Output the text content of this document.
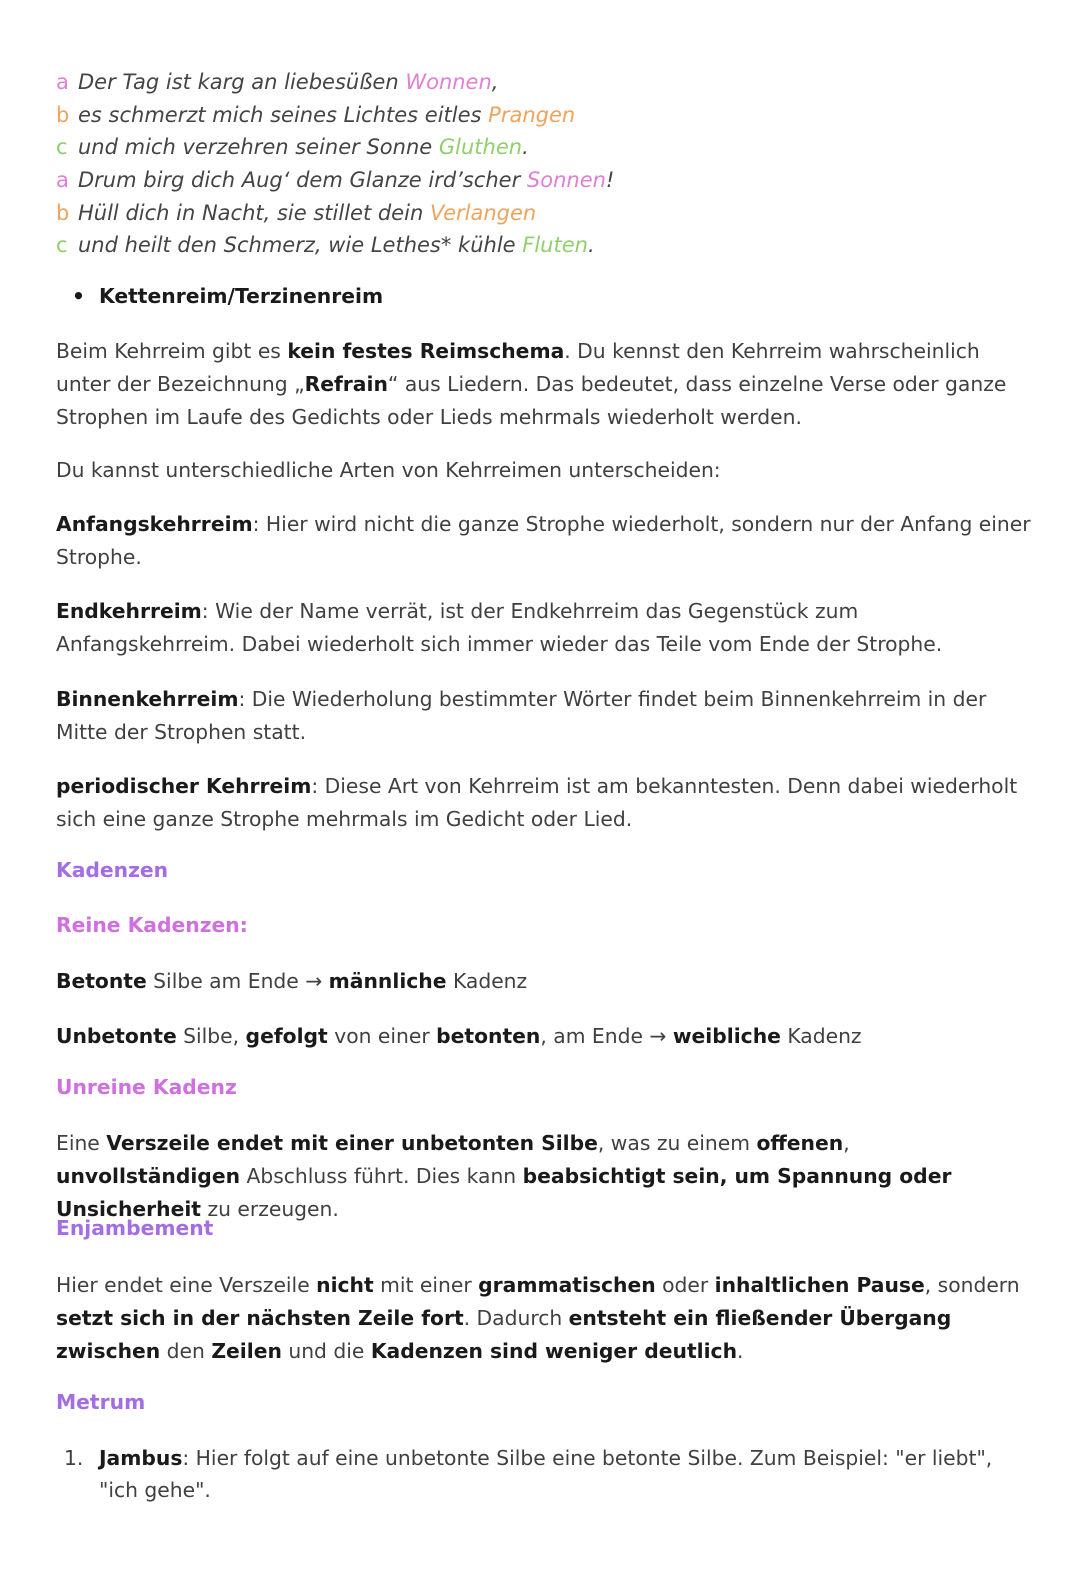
a Der Tag ist karg an liebesüßen Wonnen,
b es schmerzt mich seines Lichtes eitles Prangen
c und mich verzehren seiner Sonne Gluthen.
a Drum birg dich Aug‘ dem Glanze ird’scher Sonnen!
b Hüll dich in Nacht, sie stillet dein Verlangen
c und heilt den Schmerz, wie Lethes* kühle Fluten.
• Kettenreim/Terzinenreim
Beim Kehrreim gibt es kein festes Reimschema. Du kennst den Kehrreim wahrscheinlich unter der Bezeichnung „Refrain“ aus Liedern. Das bedeutet, dass einzelne Verse oder ganze Strophen im Laufe des Gedichts oder Lieds mehrmals wiederholt werden.
Du kannst unterschiedliche Arten von Kehrreimen unterscheiden:
Anfangskehrreim: Hier wird nicht die ganze Strophe wiederholt, sondern nur der Anfang einer Strophe.
Endkehrreim: Wie der Name verrät, ist der Endkehrreim das Gegenstück zum Anfangskehrreim. Dabei wiederholt sich immer wieder das Teile vom Ende der Strophe.
Binnenkehrreim: Die Wiederholung bestimmter Wörter findet beim Binnenkehrreim in der Mitte der Strophen statt.
periodischer Kehrreim: Diese Art von Kehrreim ist am bekanntesten. Denn dabei wiederholt sich eine ganze Strophe mehrmals im Gedicht oder Lied.
Kadenzen
Reine Kadenzen:
Betonte Silbe am Ende → männliche Kadenz
Unbetonte Silbe, gefolgt von einer betonten, am Ende → weibliche Kadenz
Unreine Kadenz
Eine Verszeile endet mit einer unbetonten Silbe, was zu einem offenen, unvollständigen Abschluss führt. Dies kann beabsichtigt sein, um Spannung oder Unsicherheit zu erzeugen.
Enjambement
Hier endet eine Verszeile nicht mit einer grammatischen oder inhaltlichen Pause, sondern setzt sich in der nächsten Zeile fort. Dadurch entsteht ein fließender Übergang zwischen den Zeilen und die Kadenzen sind weniger deutlich.
Metrum
1. Jambus: Hier folgt auf eine unbetonte Silbe eine betonte Silbe. Zum Beispiel: "er liebt", "ich gehe".
